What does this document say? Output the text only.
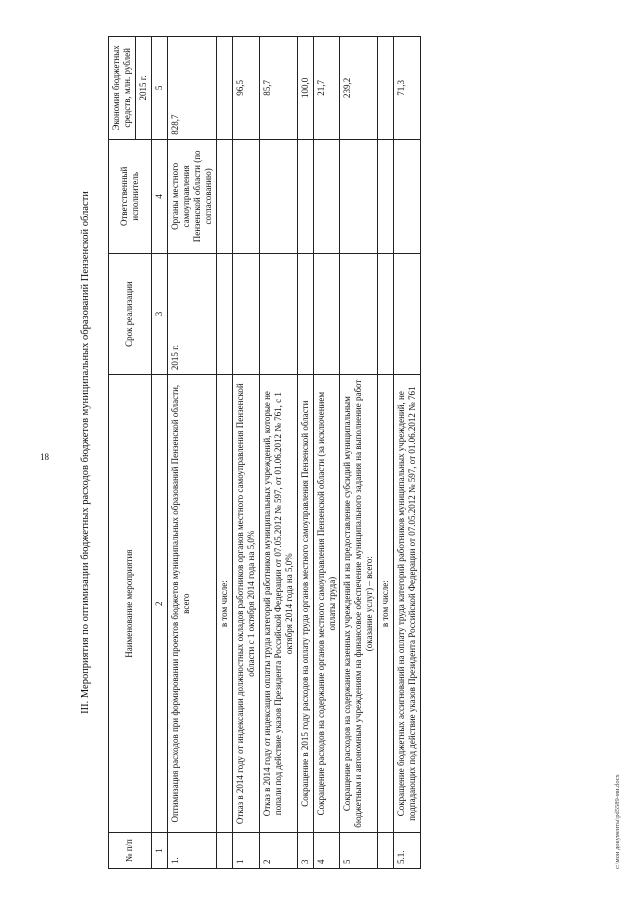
18	III. Мероприятия по оптимизации бюджетных расходов бюджетов муниципальных образований Пензенской области
№ п/п	Наименование мероприятия	Срок реализации	Ответственный исполнитель	Экономия бюджетных средств, млн. рублей
				2015 г.
1	2	3	4	5
1.	Оптимизация расходов при формировании проектов бюджетов муниципальных образований Пензенской области, всего	2015 г.	Органы местного самоуправления Пензенской области (по согласованию)	828,7
	в том числе:			
1	Отказ в 2014 году от индексации должностных окладов работников органов местного самоуправления Пензенской области с 1 октября 2014 года на 5,0%			96,5
2	Отказ в 2014 году от индексации оплаты труда категорий работников муниципальных учреждений, которые не попали под действие указов Президента Российской Федерации от 07.05.2012 № 597, от 01.06.2012 № 761, с 1 октября 2014 года на 5,0%			85,7
3	Сокращение в 2015 году расходов на оплату труда органов местного самоуправления Пензенской области			100,0
4	Сокращение расходов на содержание органов местного самоуправления Пензенской области (за исключением оплаты труда)			21,7
5	Сокращение расходов на содержание казенных учреждений и на предоставление субсидий муниципальным бюджетным и автономным учреждениям на финансовое обеспечение муниципального задания на выполнение работ (оказание услуг) – всего:			239,2
	в том числе:			
5.1.	Сокращение бюджетных ассигнований на оплату труда категорий работников муниципальных учреждений, не подпадающих под действие указов Президента Российской Федерации от 07.05.2012 № 597, от 01.06.2012 № 761			71,3
c:\мои документы\pd5589-ми.docx
